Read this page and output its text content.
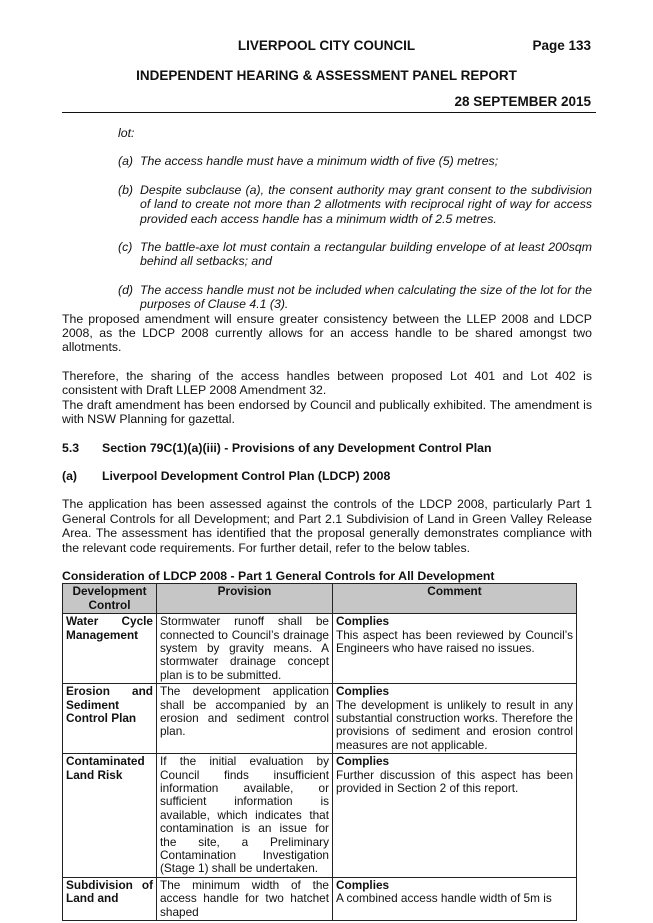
LIVERPOOL CITY COUNCIL	Page 133
INDEPENDENT HEARING & ASSESSMENT PANEL REPORT
28 SEPTEMBER 2015
lot:
(a) The access handle must have a minimum width of five (5) metres;
(b) Despite subclause (a), the consent authority may grant consent to the subdivision of land to create not more than 2 allotments with reciprocal right of way for access provided each access handle has a minimum width of 2.5 metres.
(c) The battle-axe lot must contain a rectangular building envelope of at least 200sqm behind all setbacks; and
(d) The access handle must not be included when calculating the size of the lot for the purposes of Clause 4.1 (3).

The proposed amendment will ensure greater consistency between the LLEP 2008 and LDCP 2008, as the LDCP 2008 currently allows for an access handle to be shared amongst two allotments.

Therefore, the sharing of the access handles between proposed Lot 401 and Lot 402 is consistent with Draft LLEP 2008 Amendment 32.

The draft amendment has been endorsed by Council and publically exhibited. The amendment is with NSW Planning for gazettal.

5.3	Section 79C(1)(a)(iii) - Provisions of any Development Control Plan
(a)	Liverpool Development Control Plan (LDCP) 2008

The application has been assessed against the controls of the LDCP 2008, particularly Part 1 General Controls for all Development; and Part 2.1 Subdivision of Land in Green Valley Release Area. The assessment has identified that the proposal generally demonstrates compliance with the relevant code requirements. For further detail, refer to the below tables.

Consideration of LDCP 2008 - Part 1 General Controls for All Development
Development Control	Provision	Comment
Water Cycle Management	Stormwater runoff shall be connected to Council’s drainage system by gravity means. A stormwater drainage concept plan is to be submitted.	Complies
This aspect has been reviewed by Council’s Engineers who have raised no issues.
Erosion and Sediment Control Plan	The development application shall be accompanied by an erosion and sediment control plan.	Complies
The development is unlikely to result in any substantial construction works. Therefore the provisions of sediment and erosion control measures are not applicable.
Contaminated Land Risk	If the initial evaluation by Council finds insufficient information available, or sufficient information is available, which indicates that contamination is an issue for the site, a Preliminary Contamination Investigation (Stage 1) shall be undertaken.	Complies
Further discussion of this aspect has been provided in Section 2 of this report.
Subdivision of Land and	The minimum width of the access handle for two hatchet shaped	Complies
A combined access handle width of 5m is
